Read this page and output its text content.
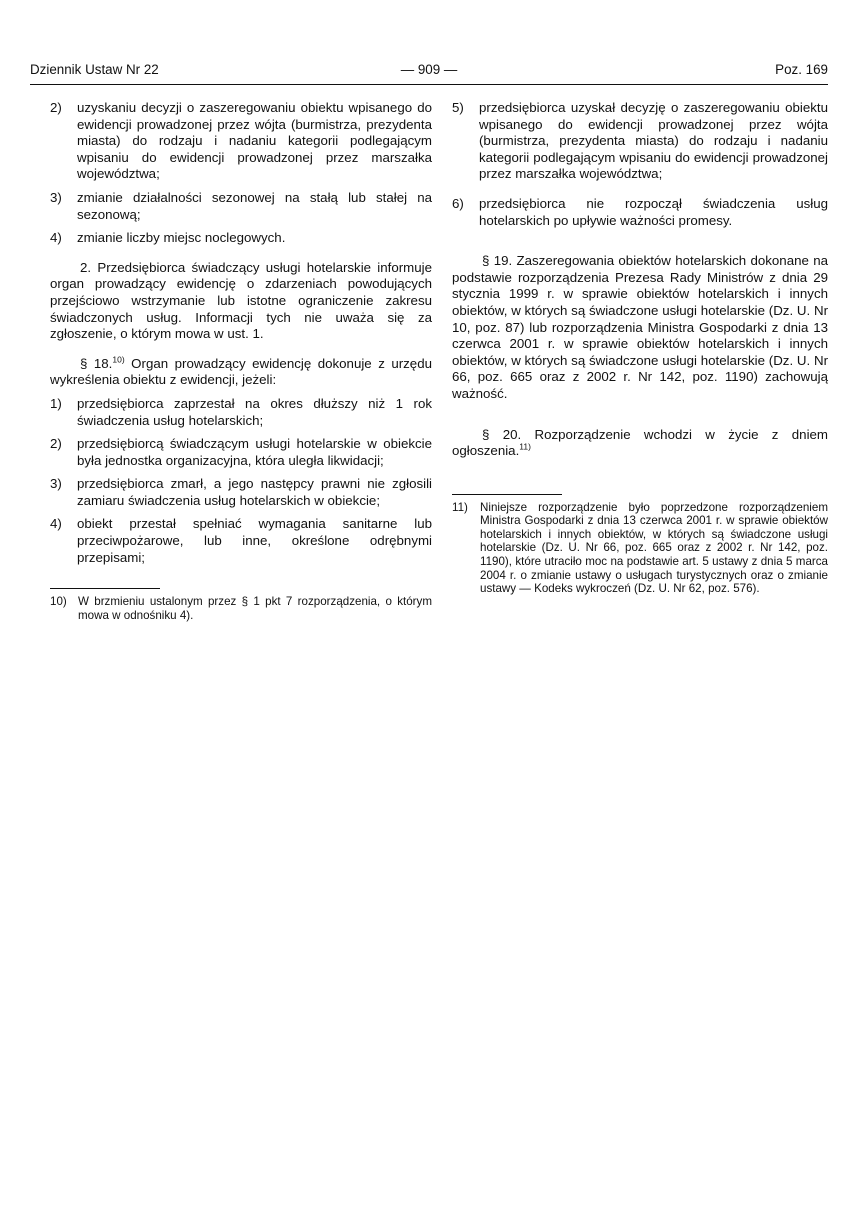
Dziennik Ustaw Nr 22	— 909 —	Poz. 169
2) uzyskaniu decyzji o zaszeregowaniu obiektu wpisanego do ewidencji prowadzonej przez wójta (burmistrza, prezydenta miasta) do rodzaju i nadaniu kategorii podlegającym wpisaniu do ewidencji prowadzonej przez marszałka województwa;
3) zmianie działalności sezonowej na stałą lub stałej na sezonową;
4) zmianie liczby miejsc noclegowych.

2. Przedsiębiorca świadczący usługi hotelarskie informuje organ prowadzący ewidencję o zdarzeniach powodujących przejściowo wstrzymanie lub istotne ograniczenie zakresu świadczonych usług. Informacji tych nie uważa się za zgłoszenie, o którym mowa w ust. 1.

§ 18.$^{10)}$ Organ prowadzący ewidencję dokonuje z urzędu wykreślenia obiektu z ewidencji, jeżeli:

1) przedsiębiorca zaprzestał na okres dłuższy niż 1 rok świadczenia usług hotelarskich;
2) przedsiębiorcą świadczącym usługi hotelarskie w obiekcie była jednostka organizacyjna, która uległa likwidacji;
3) przedsiębiorca zmarł, a jego następcy prawni nie zgłosili zamiaru świadczenia usług hotelarskich w obiekcie;
4) obiekt przestał spełniać wymagania sanitarne lub przeciwpożarowe, lub inne, określone odrębnymi przepisami;
10) W brzmieniu ustalonym przez § 1 pkt 7 rozporządzenia, o którym mowa w odnośniku 4).
5) przedsiębiorca uzyskał decyzję o zaszeregowaniu obiektu wpisanego do ewidencji prowadzonej przez wójta (burmistrza, prezydenta miasta) do rodzaju i nadaniu kategorii podlegającym wpisaniu do ewidencji prowadzonej przez marszałka województwa;
6) przedsiębiorca nie rozpoczął świadczenia usług hotelarskich po upływie ważności promesy.

§ 19. Zaszeregowania obiektów hotelarskich dokonane na podstawie rozporządzenia Prezesa Rady Ministrów z dnia 29 stycznia 1999 r. w sprawie obiektów hotelarskich i innych obiektów, w których są świadczone usługi hotelarskie (Dz. U. Nr 10, poz. 87) lub rozporządzenia Ministra Gospodarki z dnia 13 czerwca 2001 r. w sprawie obiektów hotelarskich i innych obiektów, w których są świadczone usługi hotelarskie (Dz. U. Nr 66, poz. 665 oraz z 2002 r. Nr 142, poz. 1190) zachowują ważność.

§ 20. Rozporządzenie wchodzi w życie z dniem ogłoszenia.$^{11)}$

11) Niniejsze rozporządzenie było poprzedzone rozporządzeniem Ministra Gospodarki z dnia 13 czerwca 2001 r. w sprawie obiektów hotelarskich i innych obiektów, w których są świadczone usługi hotelarskie (Dz. U. Nr 66, poz. 665 oraz z 2002 r. Nr 142, poz. 1190), które utraciło moc na podstawie art. 5 ustawy z dnia 5 marca 2004 r. o zmianie ustawy o usługach turystycznych oraz o zmianie ustawy — Kodeks wykroczeń (Dz. U. Nr 62, poz. 576).
